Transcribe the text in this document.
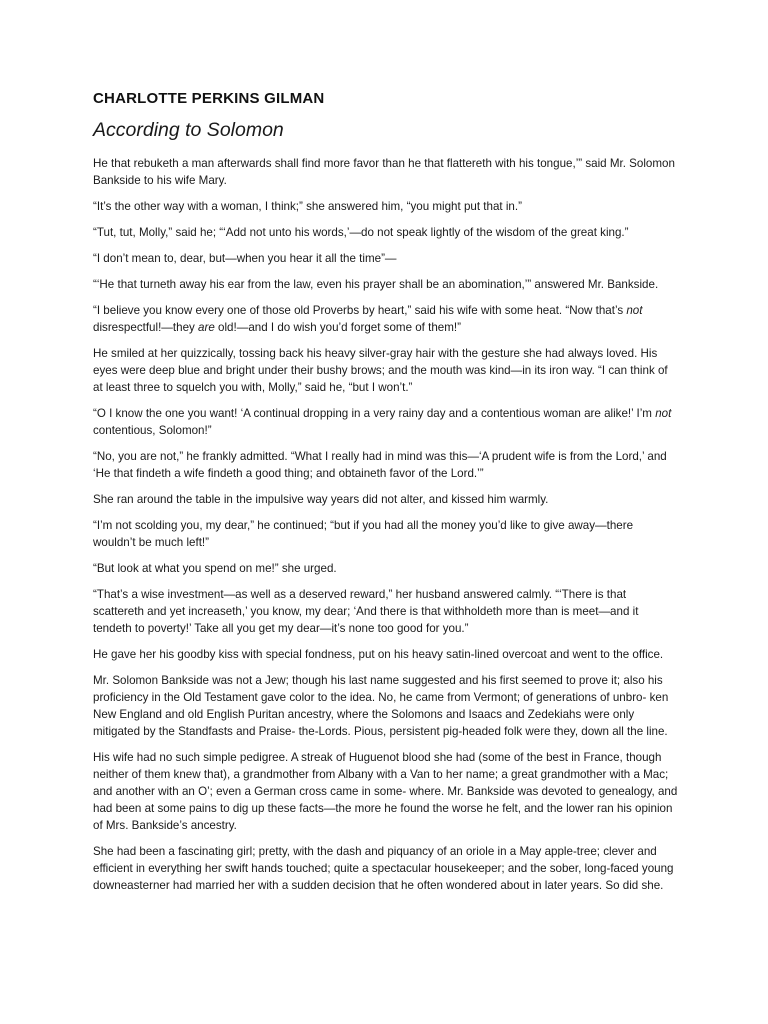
CHARLOTTE PERKINS GILMAN
According to Solomon

He that rebuketh a man afterwards shall find more favor than he that flattereth with his tongue,’” said Mr. Solomon Bankside to his wife Mary.

“It’s the other way with a woman, I think;” she answered him, “you might put that in.”

“Tut, tut, Molly,” said he; “‘Add not unto his words,’—do not speak lightly of the wisdom of the great king.”

“I don’t mean to, dear, but—when you hear it all the time”—

“‘He that turneth away his ear from the law, even his prayer shall be an abomination,’” answered Mr. Bankside.

“I believe you know every one of those old Proverbs by heart,” said his wife with some heat. “Now that’s not disrespectful!—they are old!—and I do wish you’d forget some of them!”

He smiled at her quizzically, tossing back his heavy silver-gray hair with the gesture she had always loved. His eyes were deep blue and bright under their bushy brows; and the mouth was kind—in its iron way. “I can think of at least three to squelch you with, Molly,” said he, “but I won’t.”

“O I know the one you want! ‘A continual dropping in a very rainy day and a contentious woman are alike!’ I’m not contentious, Solomon!”

“No, you are not,” he frankly admitted. “What I really had in mind was this—‘A prudent wife is from the Lord,’ and ‘He that findeth a wife findeth a good thing; and obtaineth favor of the Lord.’”

She ran around the table in the impulsive way years did not alter, and kissed him warmly.

“I’m not scolding you, my dear,” he continued; “but if you had all the money you’d like to give away—there wouldn’t be much left!”

“But look at what you spend on me!” she urged.

“That’s a wise investment—as well as a deserved reward,” her husband answered calmly. “‘There is that scattereth and yet increaseth,’ you know, my dear; ‘And there is that withholdeth more than is meet—and it tendeth to poverty!’ Take all you get my dear—it’s none too good for you.”

He gave her his goodby kiss with special fondness, put on his heavy satin-lined overcoat and went to the office.

Mr. Solomon Bankside was not a Jew; though his last name suggested and his first seemed to prove it; also his proficiency in the Old Testament gave color to the idea. No, he came from Vermont; of generations of unbro- ken New England and old English Puritan ancestry, where the Solomons and Isaacs and Zedekiahs were only mitigated by the Standfasts and Praise- the-Lords. Pious, persistent pig-headed folk were they, down all the line.

His wife had no such simple pedigree. A streak of Huguenot blood she had (some of the best in France, though neither of them knew that), a grandmother from Albany with a Van to her name; a great grandmother with a Mac; and another with an O’; even a German cross came in some- where. Mr. Bankside was devoted to genealogy, and had been at some pains to dig up these facts—the more he found the worse he felt, and the lower ran his opinion of Mrs. Bankside’s ancestry.

She had been a fascinating girl; pretty, with the dash and piquancy of an oriole in a May apple-tree; clever and efficient in everything her swift hands touched; quite a spectacular housekeeper; and the sober, long-faced young downeasterner had married her with a sudden decision that he often wondered about in later years. So did she.
